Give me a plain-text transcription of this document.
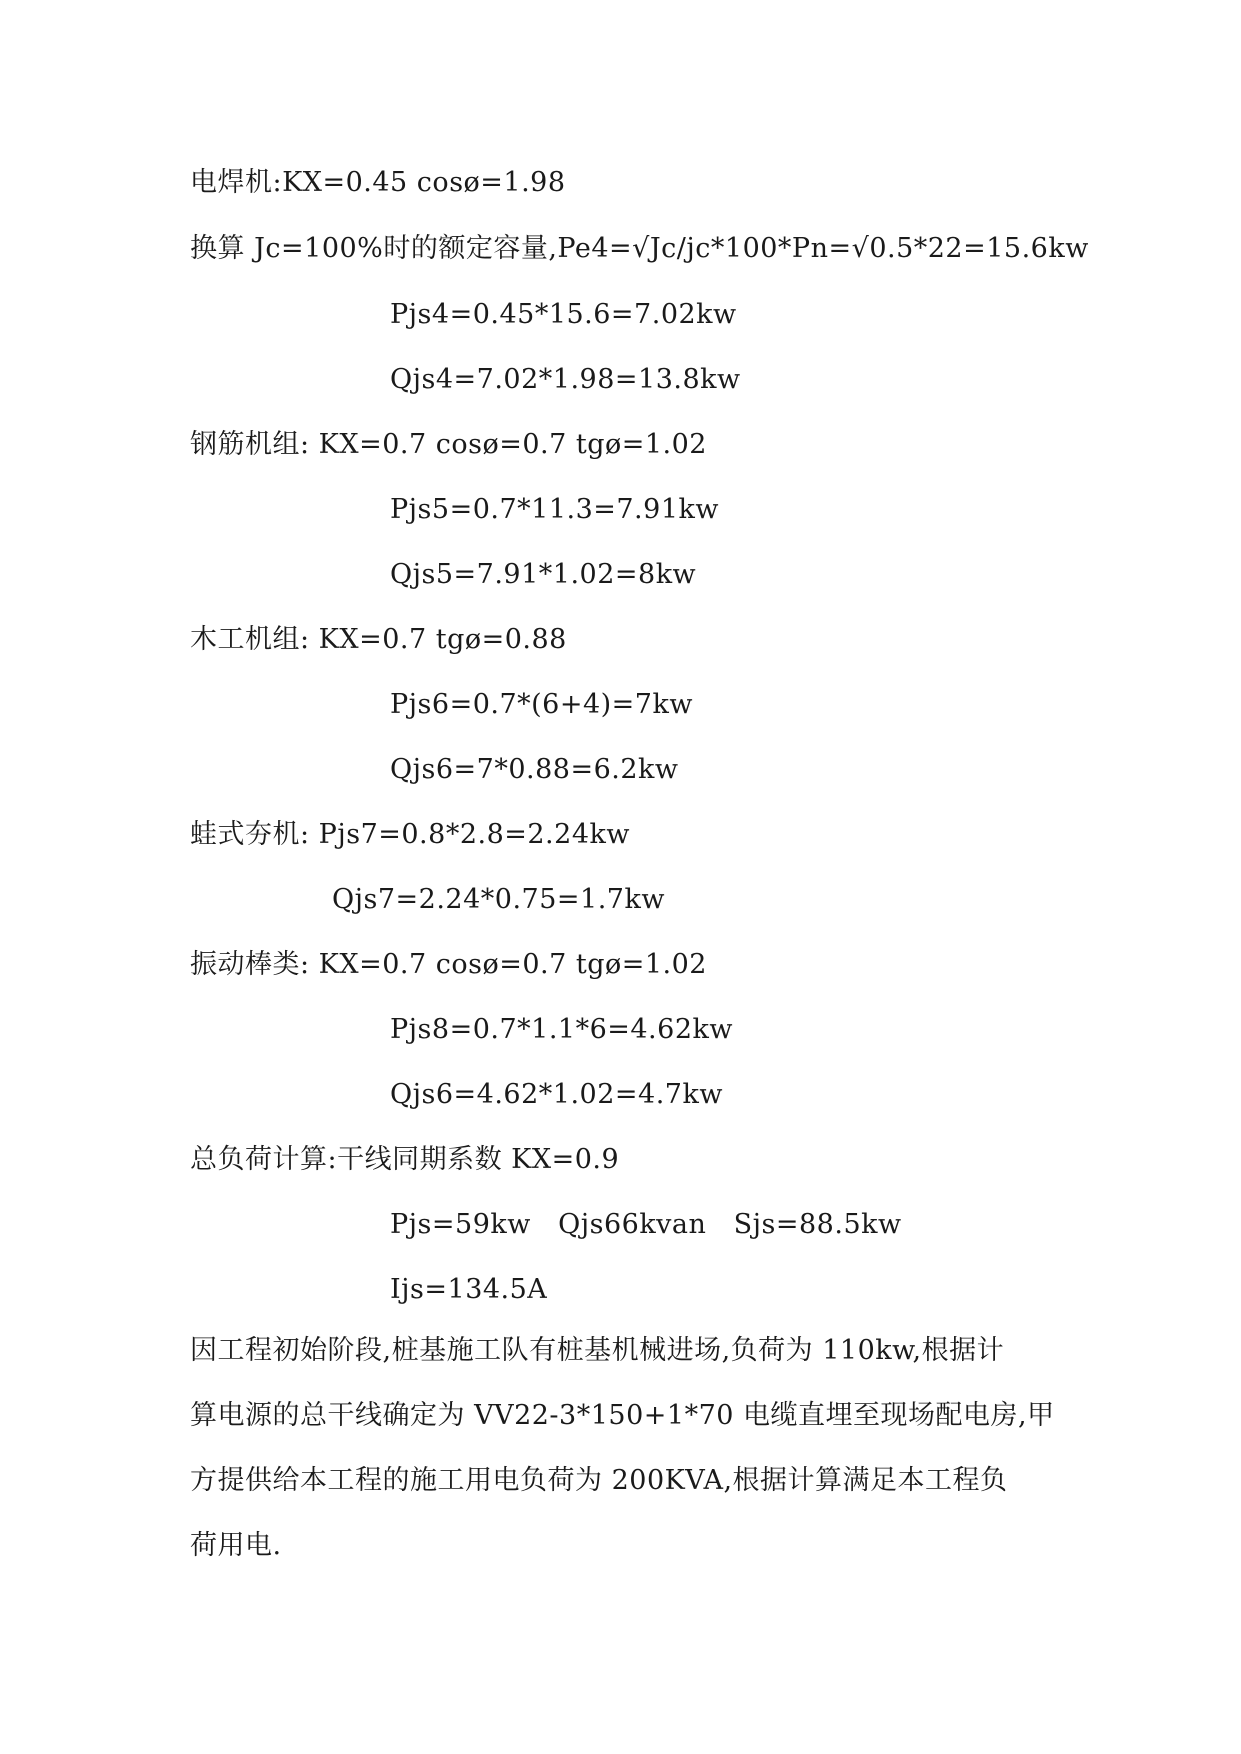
电焊机:KX=0.45 cosø=1.98
换算 Jc=100%时的额定容量,Pe4=√Jc/jc*100*Pn=√0.5*22=15.6kw
Pjs4=0.45*15.6=7.02kw
Qjs4=7.02*1.98=13.8kw
钢筋机组: KX=0.7 cosø=0.7 tgø=1.02
Pjs5=0.7*11.3=7.91kw
Qjs5=7.91*1.02=8kw
木工机组: KX=0.7 tgø=0.88
Pjs6=0.7*(6+4)=7kw
Qjs6=7*0.88=6.2kw
蛙式夯机: Pjs7=0.8*2.8=2.24kw
Qjs7=2.24*0.75=1.7kw
振动棒类: KX=0.7 cosø=0.7 tgø=1.02
Pjs8=0.7*1.1*6=4.62kw
Qjs6=4.62*1.02=4.7kw
总负荷计算:干线同期系数 KX=0.9
Pjs=59kw   Qjs66kvan   Sjs=88.5kw
Ijs=134.5A
因工程初始阶段,桩基施工队有桩基机械进场,负荷为 110kw,根据计
算电源的总干线确定为 VV22-3*150+1*70 电缆直埋至现场配电房,甲
方提供给本工程的施工用电负荷为 200KVA,根据计算满足本工程负
荷用电.
